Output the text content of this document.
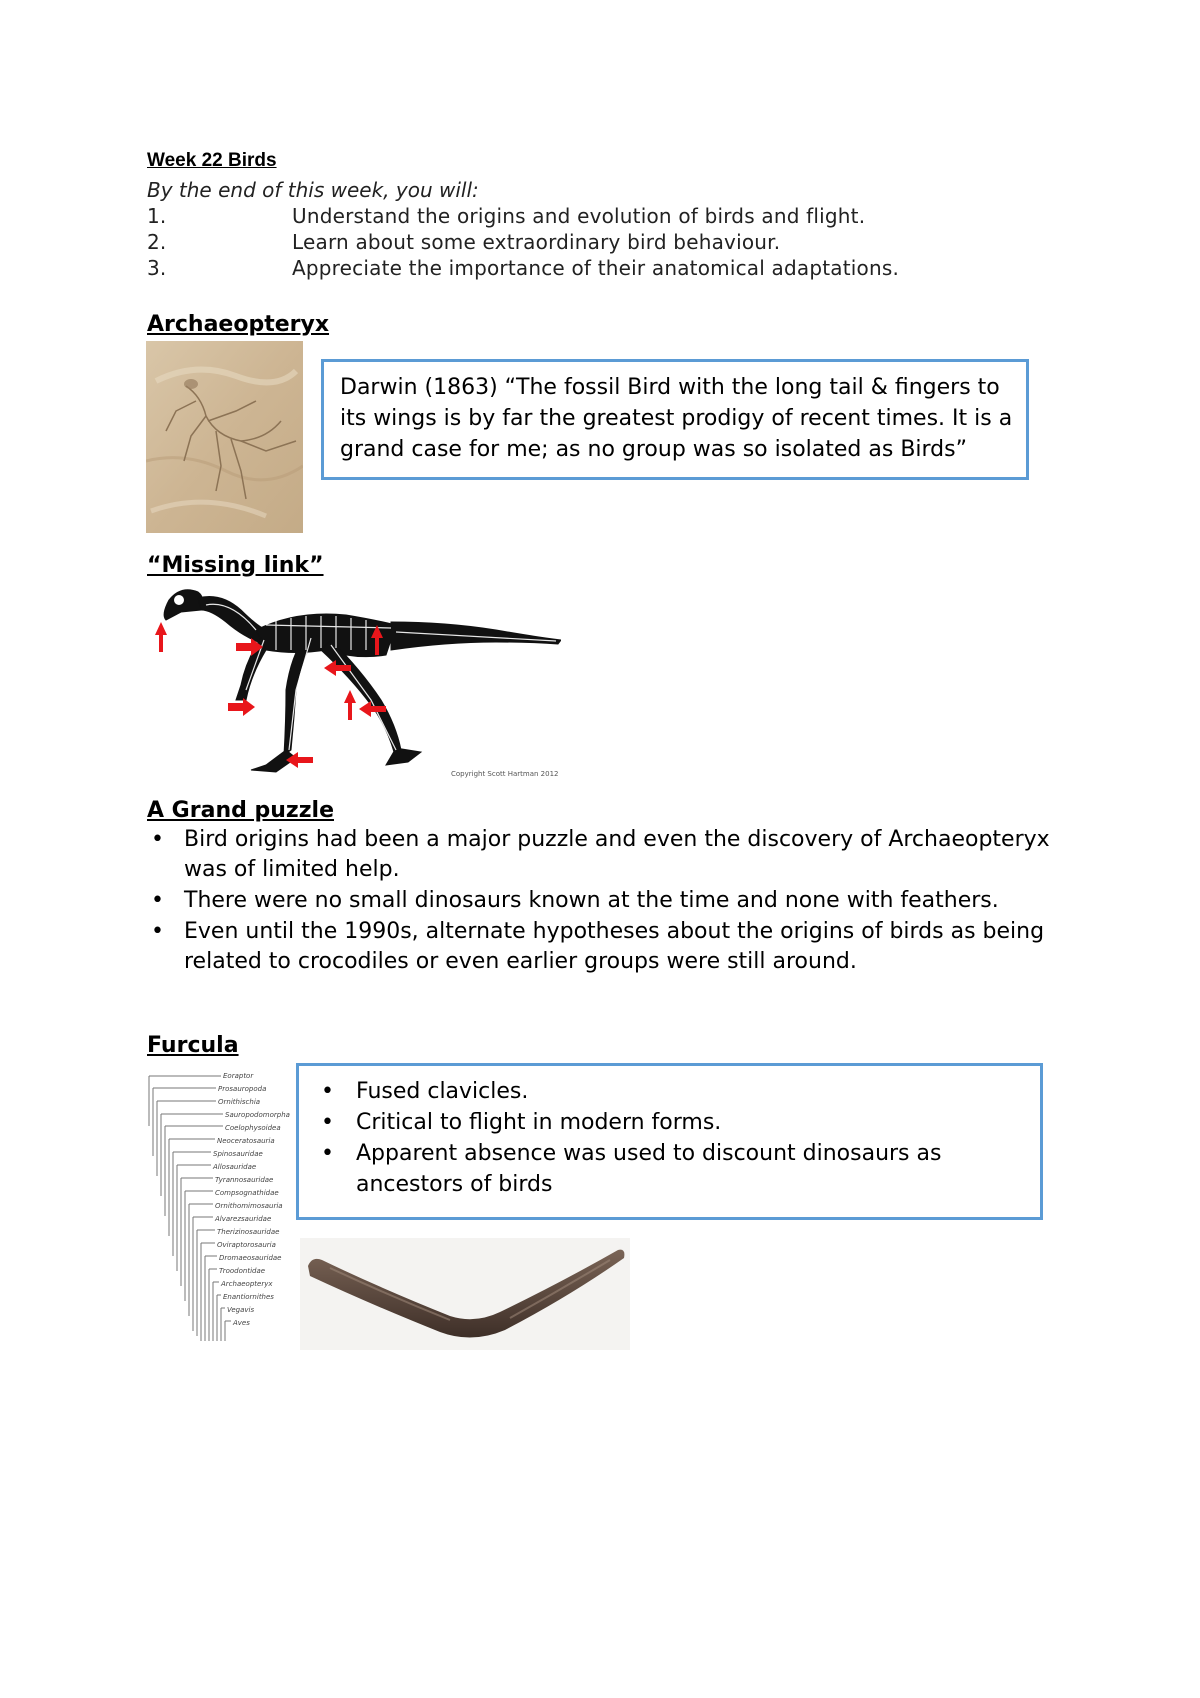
Week 22 Birds
By the end of this week, you will:
1.	Understand the origins and evolution of birds and flight.
2.	Learn about some extraordinary bird behaviour.
3.	Appreciate the importance of their anatomical adaptations.
Archaeopteryx
Darwin (1863) “The fossil Bird with the long tail & fingers to its wings is by far the greatest prodigy of recent times. It is a grand case for me; as no group was so isolated as Birds”
“Missing link”
Copyright Scott Hartman 2012
A Grand puzzle
• Bird origins had been a major puzzle and even the discovery of Archaeopteryx was of limited help.
• There were no small dinosaurs known at the time and none with feathers.
• Even until the 1990s, alternate hypotheses about the origins of birds as being related to crocodiles or even earlier groups were still around.
Furcula
Eoraptor
Prosauropoda
Ornithischia
Sauropodomorpha
Coelophysoidea
Neoceratosauria
Spinosauridae
Allosauridae
Tyrannosauridae
Compsognathidae
Ornithomimosauria
Alvarezsauridae
Therizinosauridae
Oviraptorosauria
Dromaeosauridae
Troodontidae
Archaeopteryx
Enantiornithes
Vegavis
Aves
• Fused clavicles.
• Critical to flight in modern forms.
• Apparent absence was used to discount dinosaurs as ancestors of birds
